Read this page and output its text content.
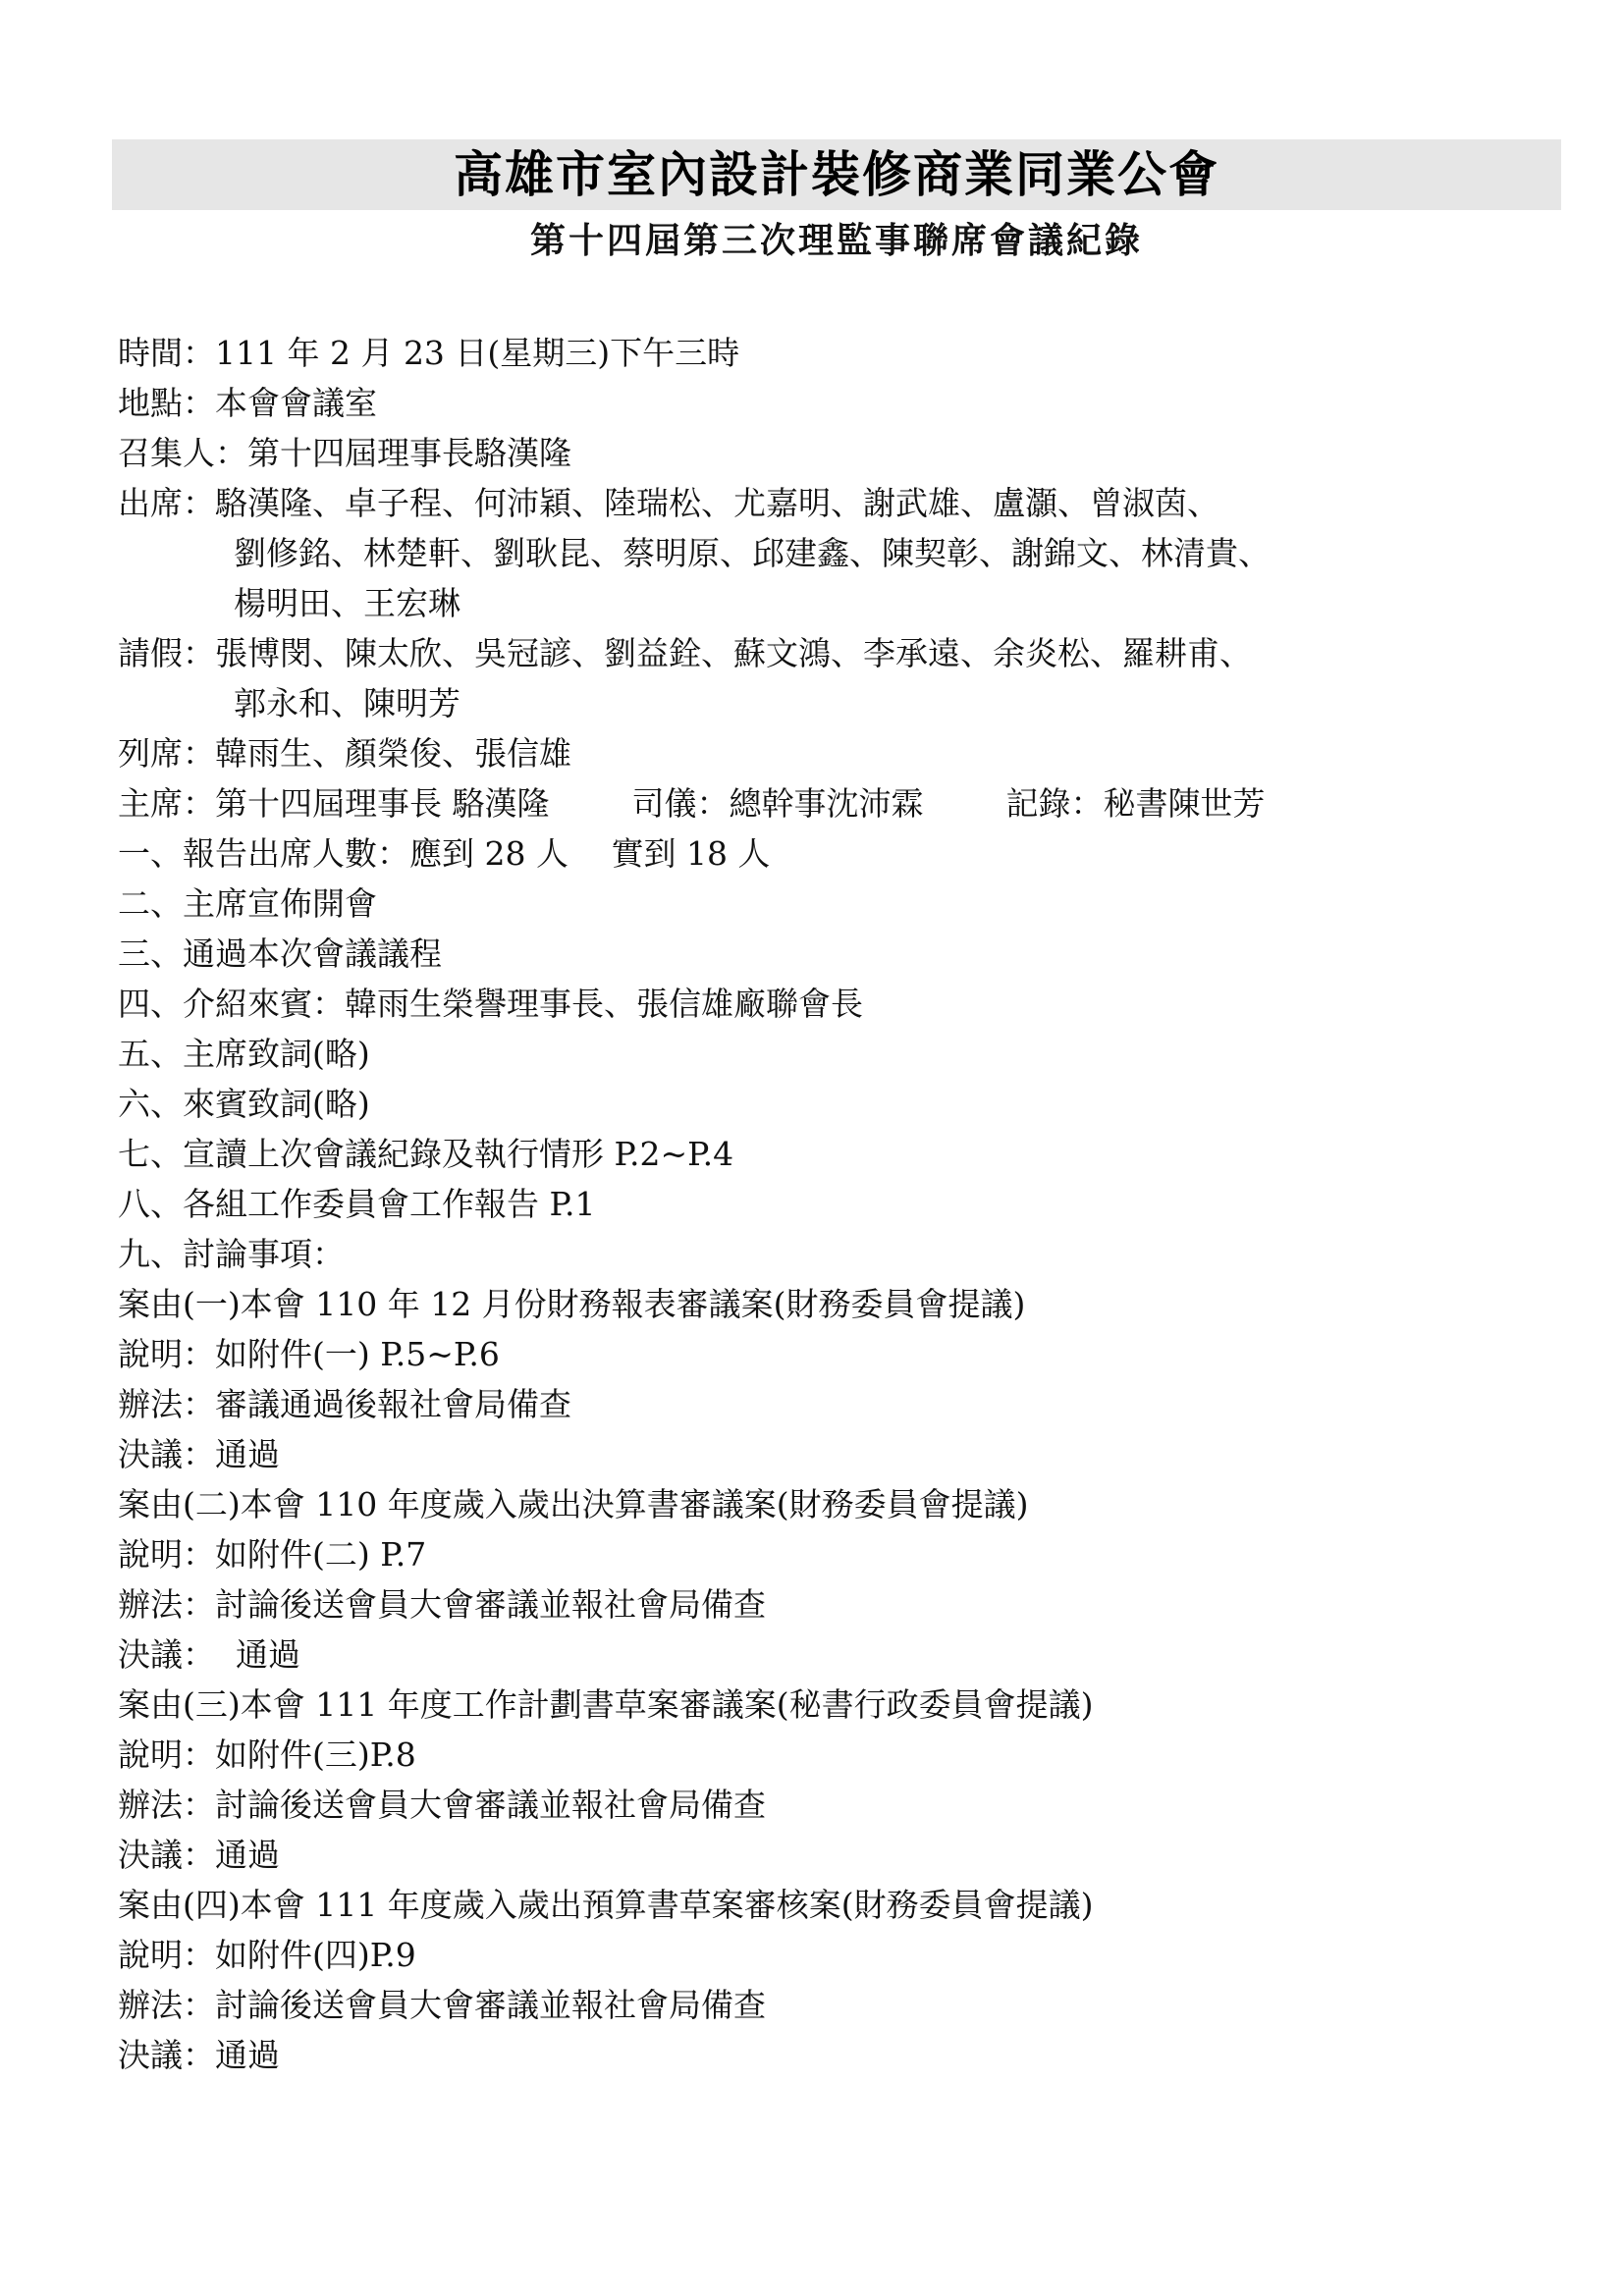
高雄市室內設計裝修商業同業公會
第十四屆第三次理監事聯席會議紀錄
時間： 111 年 2 月 23 日(星期三)下午三時
地點： 本會會議室
召集人： 第十四屆理事長駱漢隆
出席： 駱漢隆、卓子程、何沛穎、陸瑞松、尤嘉明、謝武雄、盧灝、曾淑茵、
劉修銘、林楚軒、劉耿昆、蔡明原、邱建鑫、陳契彰、謝錦文、林清貴、
楊明田、王宏琳
請假： 張博閔、陳太欣、吳冠諺、劉益銓、蘇文鴻、李承遠、余炎松、羅耕甫、
郭永和、陳明芳
列席： 韓雨生、顏榮俊、張信雄
主席：第十四屆理事長 駱漢隆	司儀：總幹事沈沛霖	記錄：秘書陳世芳
一、報告出席人數：應到 28 人　 實到 18 人
二、主席宣佈開會
三、通過本次會議議程
四、介紹來賓：韓雨生榮譽理事長、張信雄廠聯會長
五、主席致詞(略)
六、來賓致詞(略)
七、宣讀上次會議紀錄及執行情形 P.2~P.4
八、各組工作委員會工作報告 P.1
九、討論事項：
案由(一)本會 110 年 12 月份財務報表審議案(財務委員會提議)
說明：如附件(一) P.5~P.6
辦法：審議通過後報社會局備查
決議：通過
案由(二)本會 110 年度歲入歲出決算書審議案(財務委員會提議)
說明：如附件(二) P.7
辦法：討論後送會員大會審議並報社會局備查
決議：  通過
案由(三)本會 111 年度工作計劃書草案審議案(秘書行政委員會提議)
說明：如附件(三)P.8
辦法：討論後送會員大會審議並報社會局備查
決議：通過
案由(四)本會 111 年度歲入歲出預算書草案審核案(財務委員會提議)
說明：如附件(四)P.9
辦法：討論後送會員大會審議並報社會局備查
決議：通過
